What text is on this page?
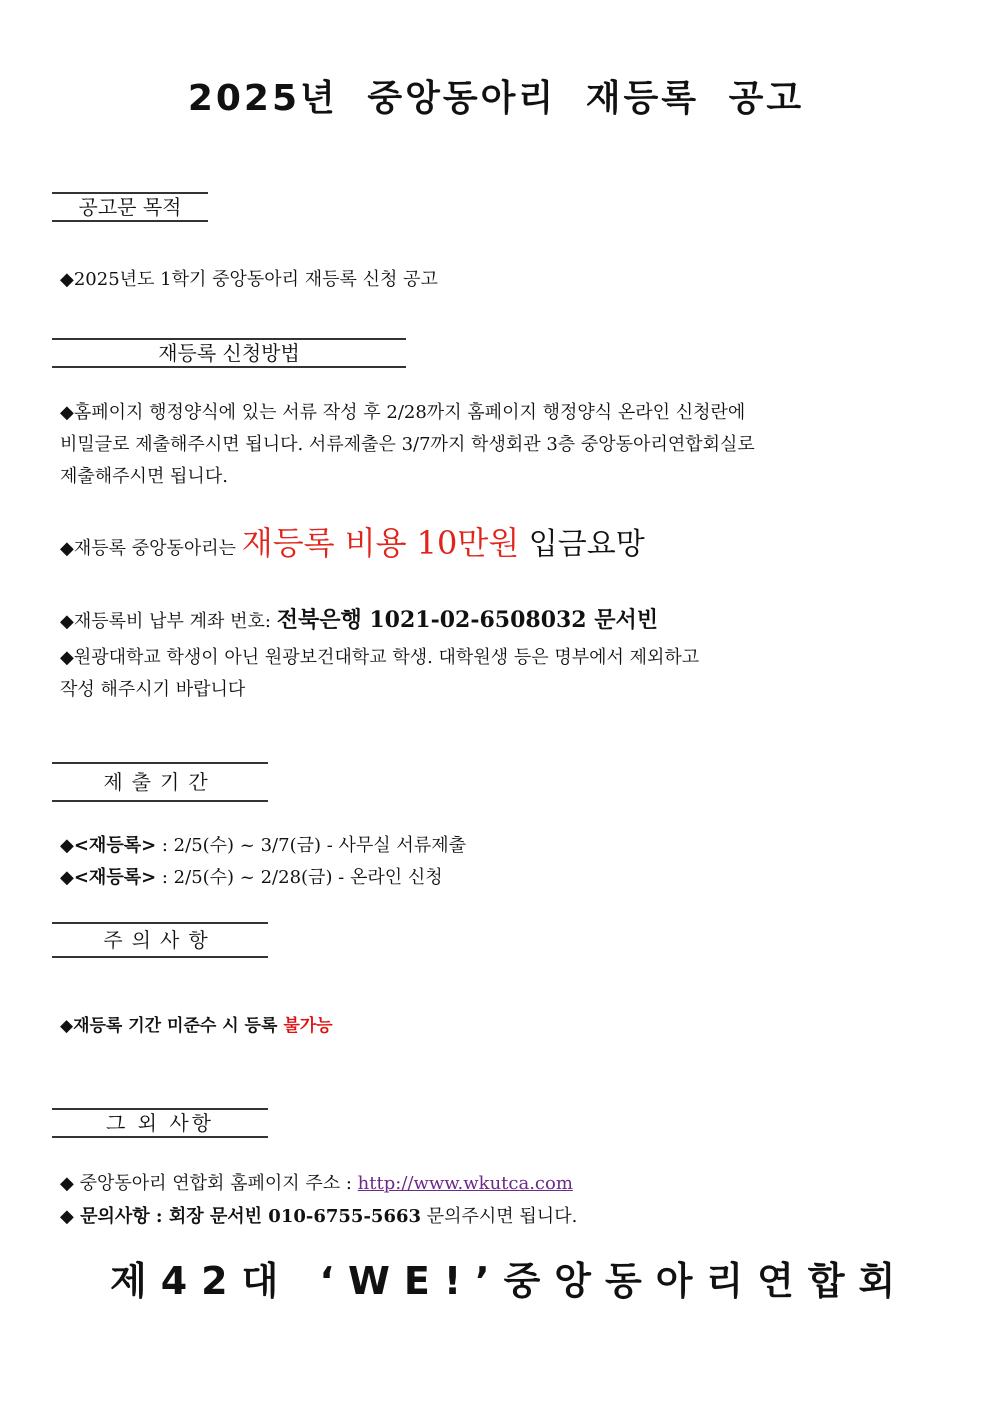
2025년 중앙동아리 재등록 공고
공고문 목적
◆2025년도 1학기 중앙동아리 재등록 신청 공고
재등록 신청방법
◆홈페이지 행정양식에 있는 서류 작성 후 2/28까지 홈페이지 행정양식 온라인 신청란에
비밀글로 제출해주시면 됩니다. 서류제출은 3/7까지 학생회관 3층 중앙동아리연합회실로
제출해주시면 됩니다.
◆재등록 중앙동아리는 재등록 비용 10만원 입금요망
◆재등록비 납부 계좌 번호: 전북은행 1021-02-6508032 문서빈
◆원광대학교 학생이 아닌 원광보건대학교 학생. 대학원생 등은 명부에서 제외하고
작성 해주시기 바랍니다
제출기간
◆<재등록> : 2/5(수) ~ 3/7(금) - 사무실 서류제출
◆<재등록> : 2/5(수) ~ 2/28(금) - 온라인 신청
주의사항
◆재등록 기간 미준수 시 등록 불가능
그 외 사항
◆ 중앙동아리 연합회 홈페이지 주소 : http://www.wkutca.com
◆ 문의사항 : 회장 문서빈 010-6755-5663 문의주시면 됩니다.
제42대 ‘WE!’중앙동아리연합회
